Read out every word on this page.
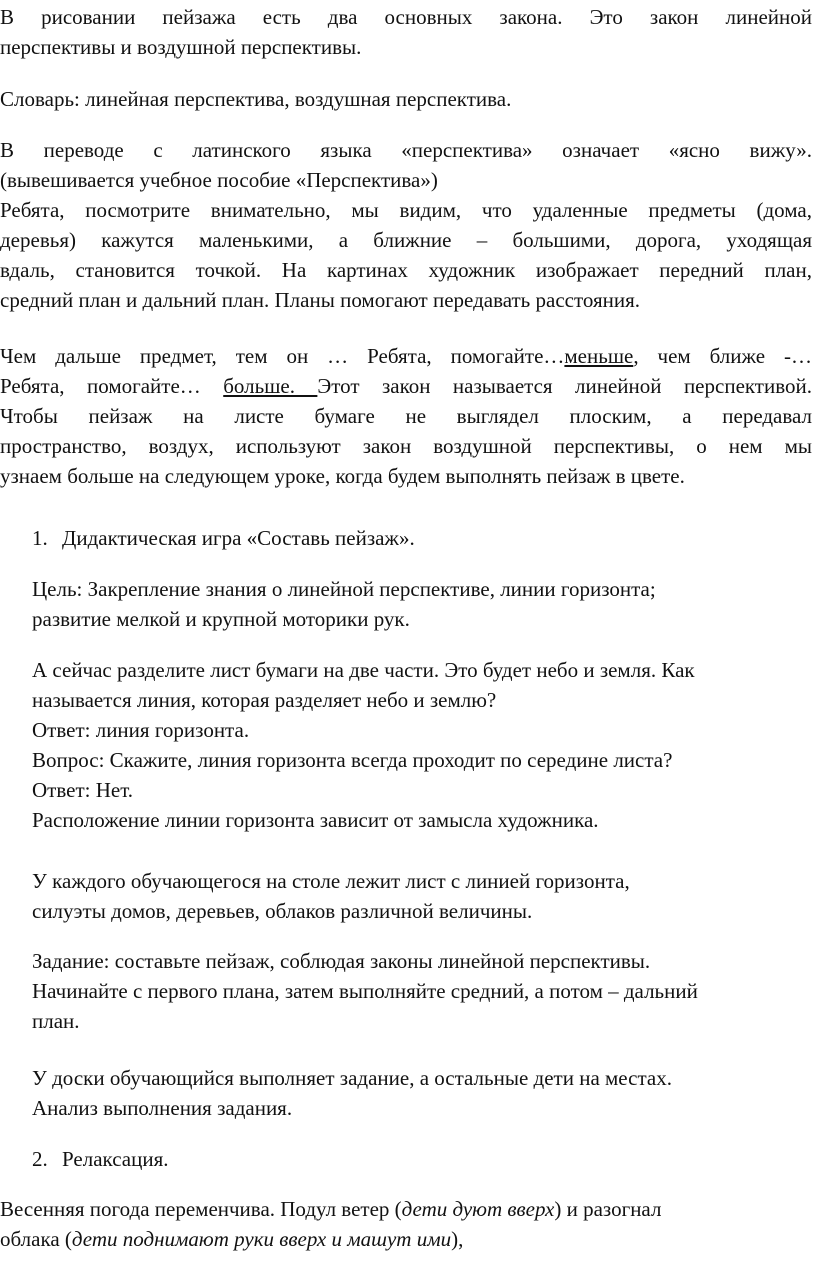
В рисовании пейзажа есть два основных закона. Это закон линейной
перспективы и воздушной перспективы.
Словарь: линейная перспектива, воздушная перспектива.
В переводе с латинского языка «перспектива» означает «ясно вижу».
(вывешивается учебное пособие «Перспектива»)
Ребята, посмотрите внимательно, мы видим, что удаленные предметы (дома,
деревья) кажутся маленькими, а ближние – большими, дорога, уходящая
вдаль, становится точкой. На картинах художник изображает передний план,
средний план и дальний план. Планы помогают передавать расстояния.
Чем дальше предмет, тем он … Ребята, помогайте…меньше, чем ближе -…
Ребята, помогайте… больше. Этот закон называется линейной перспективой.
Чтобы пейзаж на листе бумаге не выглядел плоским, а передавал
пространство, воздух, используют закон воздушной перспективы, о нем мы
узнаем больше на следующем уроке, когда будем выполнять пейзаж в цвете.
1. Дидактическая игра «Составь пейзаж».
Цель: Закрепление знания о линейной перспективе, линии горизонта;
развитие мелкой и крупной моторики рук.
А сейчас разделите лист бумаги на две части. Это будет небо и земля. Как
называется линия, которая разделяет небо и землю?
Ответ: линия горизонта.
Вопрос: Скажите, линия горизонта всегда проходит по середине листа?
Ответ: Нет.
Расположение линии горизонта зависит от замысла художника.
У каждого обучающегося на столе лежит лист с линией горизонта,
силуэты домов, деревьев, облаков различной величины.
Задание: составьте пейзаж, соблюдая законы линейной перспективы.
Начинайте с первого плана, затем выполняйте средний, а потом – дальний
план.
У доски обучающийся выполняет задание, а остальные дети на местах.
Анализ выполнения задания.
2. Релаксация.
Весенняя погода переменчива. Подул ветер (дети дуют вверх) и разогнал
облака (дети поднимают руки вверх и машут ими),
